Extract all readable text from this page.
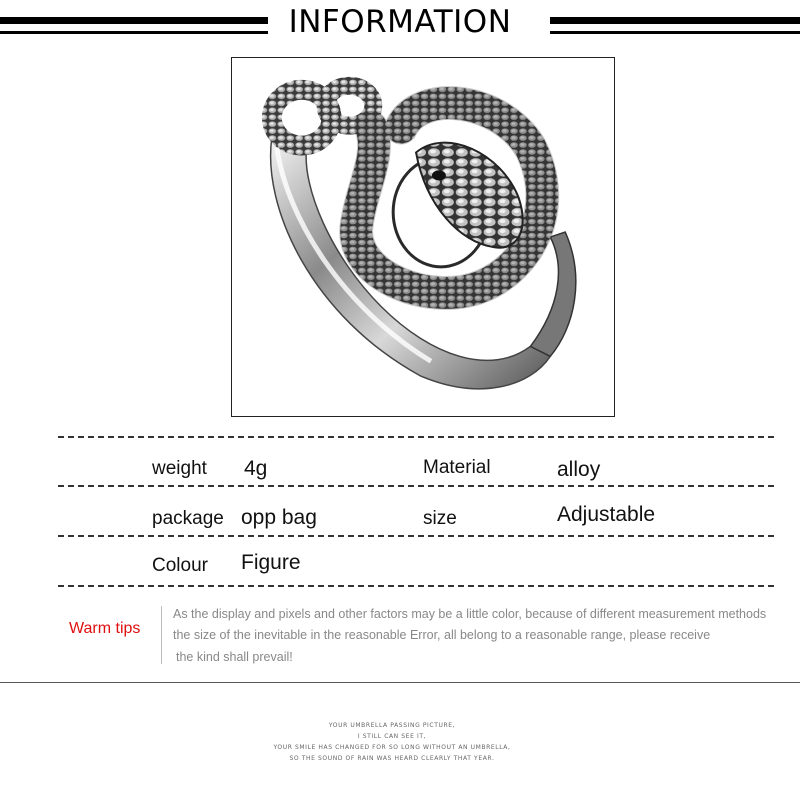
INFORMATION
weight 4g	Material	alloy
package opp bag	size	Adjustable
Colour Figure
Warm tips
As the display and pixels and other factors may be a little color, because of different measurement methods
the size of the inevitable in the reasonable Error, all belong to a reasonable range, please receive
the kind shall prevail!
YOUR UMBRELLA PASSING PICTURE,
I STILL CAN SEE IT,
YOUR SMILE HAS CHANGED FOR SO LONG WITHOUT AN UMBRELLA,
SO THE SOUND OF RAIN WAS HEARD CLEARLY THAT YEAR.
